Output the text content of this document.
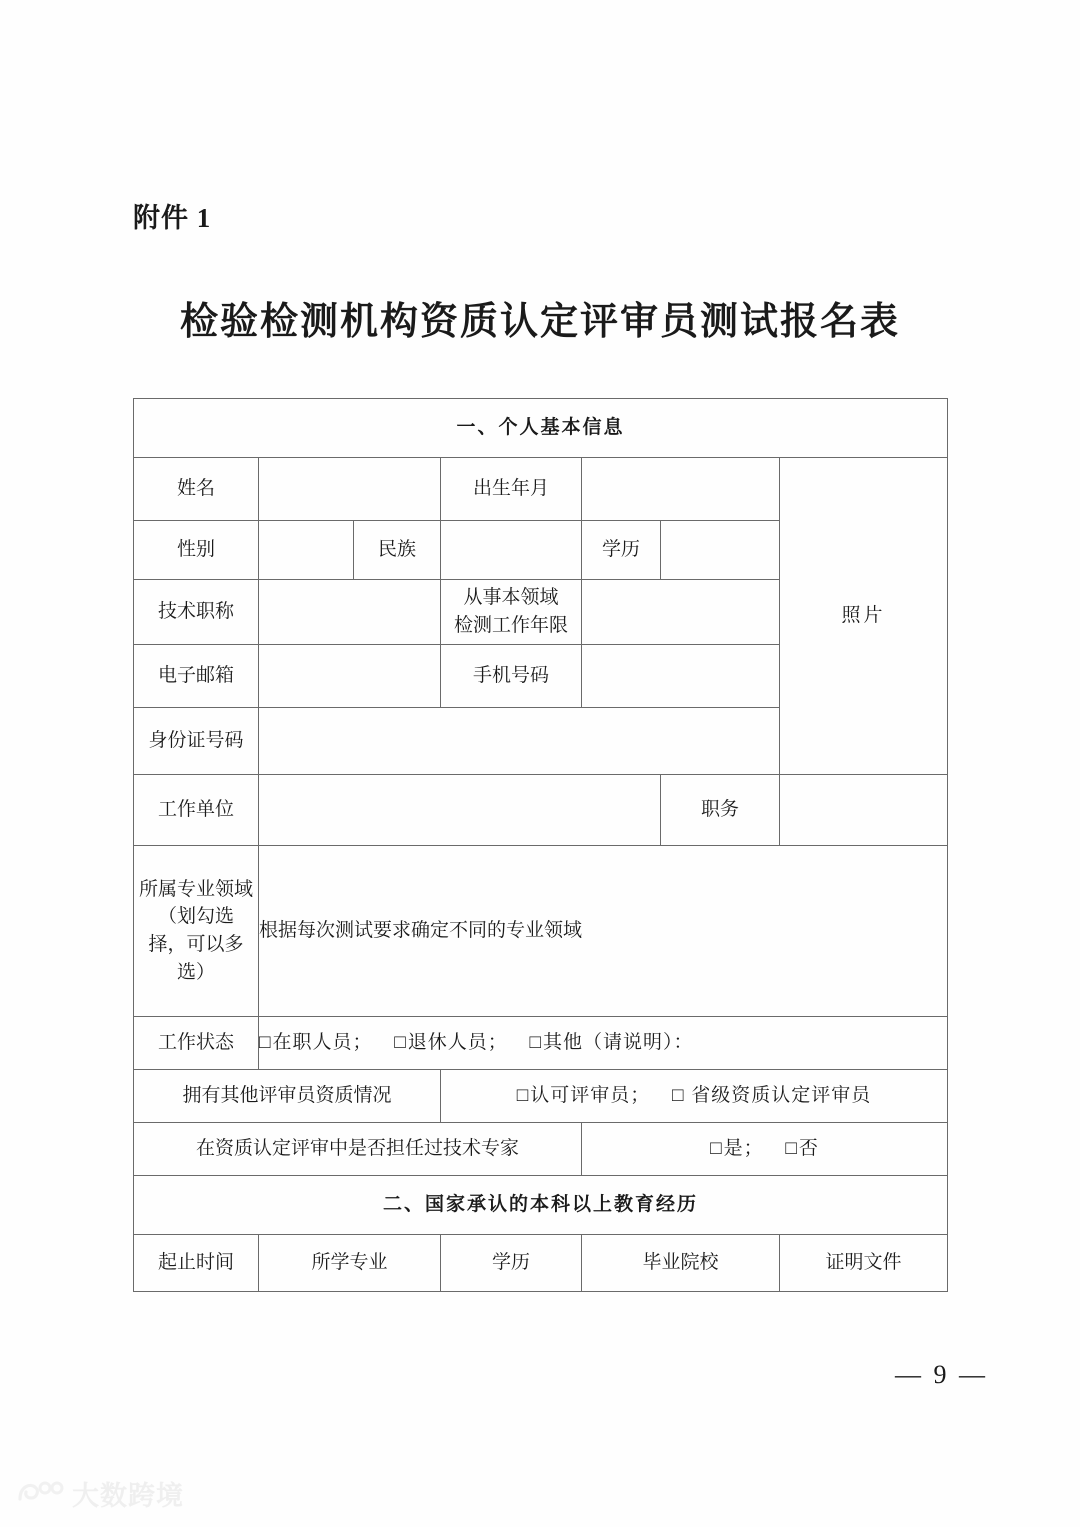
附件 1
检验检测机构资质认定评审员测试报名表
一、个人基本信息						
姓名			出生年月			照片
性别		民族		学历		
技术职称			从事本领域
检测工作年限			

电子邮箱			手机号码			
身份证号码						
工作单位					职务	

所属专业领域（划勾选
择，可以多
选）	根据每次测试要求确定不同的专业领域					
工作状态	□在职人员； □退休人员； □其他（请说明）：					
拥有其他评审员资质情况			□认可评审员； □ 省级资质认定评审员			
在资质认定评审中是否担任过技术专家				□是； □否		
二、国家承认的本科以上教育经历						
起止时间	所学专业		学历	毕业院校		证明文件
— 9 —
大数跨境
